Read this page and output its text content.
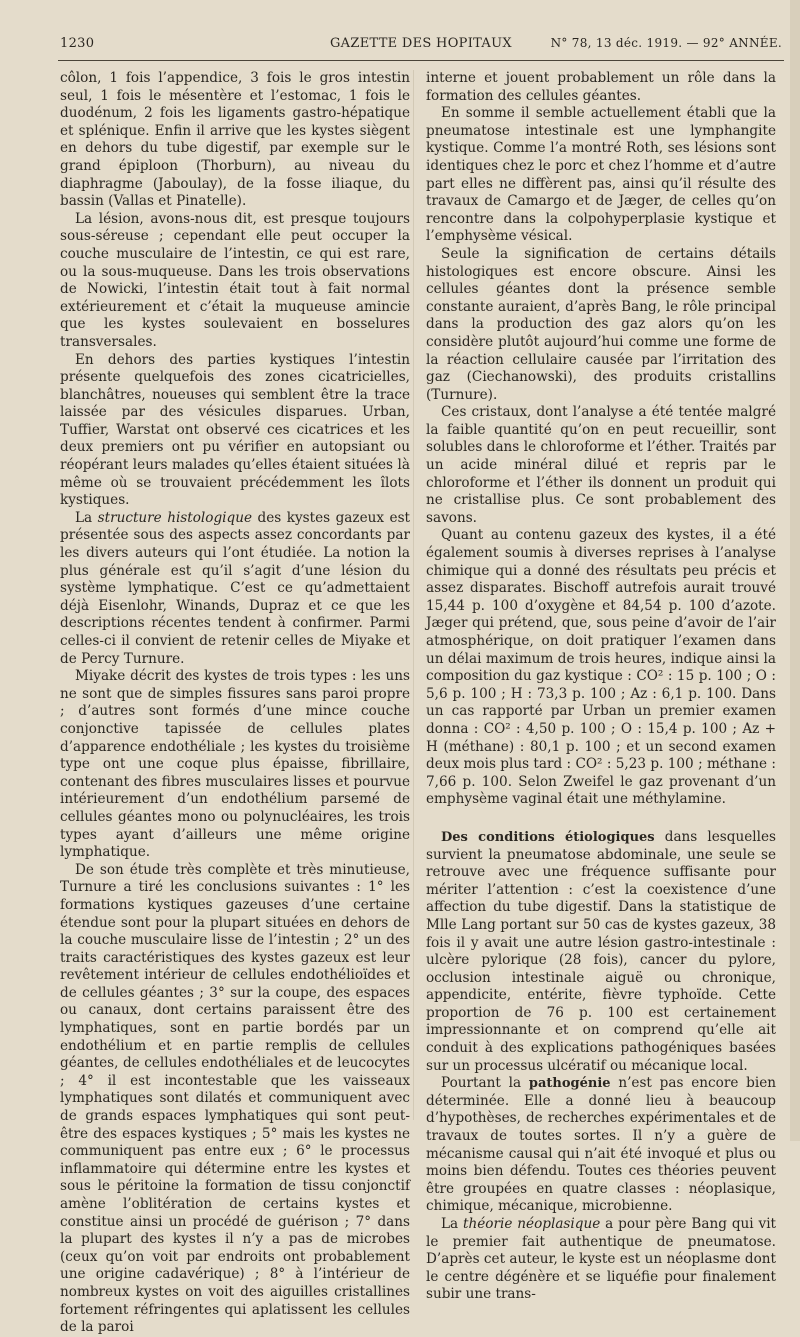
1230	GAZETTE DES HOPITAUX	N° 78, 13 déc. 1919. — 92° ANNÉE.

côlon, 1 fois l’appendice, 3 fois le gros intestin seul, 1 fois le mésentère et l’estomac, 1 fois le duodénum, 2 fois les ligaments gastro-hépatique et splénique. Enfin il arrive que les kystes siègent en dehors du tube digestif, par exemple sur le grand épiploon (Thorburn), au niveau du diaphragme (Jaboulay), de la fosse iliaque, du bassin (Vallas et Pinatelle).

La lésion, avons-nous dit, est presque toujours sous-séreuse ; cependant elle peut occuper la couche musculaire de l’intestin, ce qui est rare, ou la sous-muqueuse. Dans les trois observations de Nowicki, l’intestin était tout à fait normal extérieurement et c’était la muqueuse amincie que les kystes soulevaient en bosselures transversales.

En dehors des parties kystiques l’intestin présente quelquefois des zones cicatricielles, blanchâtres, noueuses qui semblent être la trace laissée par des vésicules disparues. Urban, Tuffier, Warstat ont observé ces cicatrices et les deux premiers ont pu vérifier en autopsiant ou réopérant leurs malades qu’elles étaient situées là même où se trouvaient précédemment les îlots kystiques.

La structure histologique des kystes gazeux est présentée sous des aspects assez concordants par les divers auteurs qui l’ont étudiée. La notion la plus générale est qu’il s’agit d’une lésion du système lymphatique. C’est ce qu’admettaient déjà Eisenlohr, Winands, Dupraz et ce que les descriptions récentes tendent à confirmer. Parmi celles-ci il convient de retenir celles de Miyake et de Percy Turnure.

Miyake décrit des kystes de trois types : les uns ne sont que de simples fissures sans paroi propre ; d’autres sont formés d’une mince couche conjonctive tapissée de cellules plates d’apparence endothéliale ; les kystes du troisième type ont une coque plus épaisse, fibrillaire, contenant des fibres musculaires lisses et pourvue intérieurement d’un endothélium parsemé de cellules géantes mono ou polynucléaires, les trois types ayant d’ailleurs une même origine lymphatique.

De son étude très complète et très minutieuse, Turnure a tiré les conclusions suivantes : 1° les formations kystiques gazeuses d’une certaine étendue sont pour la plupart situées en dehors de la couche musculaire lisse de l’intestin ; 2° un des traits caractéristiques des kystes gazeux est leur revêtement intérieur de cellules endothélioïdes et de cellules géantes ; 3° sur la coupe, des espaces ou canaux, dont certains paraissent être des lymphatiques, sont en partie bordés par un endothélium et en partie remplis de cellules géantes, de cellules endothéliales et de leucocytes ; 4° il est incontestable que les vaisseaux lymphatiques sont dilatés et communiquent avec de grands espaces lymphatiques qui sont peut-être des espaces kystiques ; 5° mais les kystes ne communiquent pas entre eux ; 6° le processus inflammatoire qui détermine entre les kystes et sous le péritoine la formation de tissu conjonctif amène l’oblitération de certains kystes et constitue ainsi un procédé de guérison ; 7° dans la plupart des kystes il n’y a pas de microbes (ceux qu’on voit par endroits ont probablement une origine cadavérique) ; 8° à l’intérieur de nombreux kystes on voit des aiguilles cristallines fortement réfringentes qui aplatissent les cellules de la paroi

interne et jouent probablement un rôle dans la formation des cellules géantes.

En somme il semble actuellement établi que la pneumatose intestinale est une lymphangite kystique. Comme l’a montré Roth, ses lésions sont identiques chez le porc et chez l’homme et d’autre part elles ne diffèrent pas, ainsi qu’il résulte des travaux de Camargo et de Jæger, de celles qu’on rencontre dans la colpohyperplasie kystique et l’emphysème vésical.

Seule la signification de certains détails histologiques est encore obscure. Ainsi les cellules géantes dont la présence semble constante auraient, d’après Bang, le rôle principal dans la production des gaz alors qu’on les considère plutôt aujourd’hui comme une forme de la réaction cellulaire causée par l’irritation des gaz (Ciechanowski), des produits cristallins (Turnure).

Ces cristaux, dont l’analyse a été tentée malgré la faible quantité qu’on en peut recueillir, sont solubles dans le chloroforme et l’éther. Traités par un acide minéral dilué et repris par le chloroforme et l’éther ils donnent un produit qui ne cristallise plus. Ce sont probablement des savons.

Quant au contenu gazeux des kystes, il a été également soumis à diverses reprises à l’analyse chimique qui a donné des résultats peu précis et assez disparates. Bischoff autrefois aurait trouvé 15,44 p. 100 d’oxygène et 84,54 p. 100 d’azote. Jæger qui prétend, que, sous peine d’avoir de l’air atmosphérique, on doit pratiquer l’examen dans un délai maximum de trois heures, indique ainsi la composition du gaz kystique : CO² : 15 p. 100 ; O : 5,6 p. 100 ; H : 73,3 p. 100 ; Az : 6,1 p. 100. Dans un cas rapporté par Urban un premier examen donna : CO² : 4,50 p. 100 ; O : 15,4 p. 100 ; Az + H (méthane) : 80,1 p. 100 ; et un second examen deux mois plus tard : CO² : 5,23 p. 100 ; méthane : 7,66 p. 100. Selon Zweifel le gaz provenant d’un emphysème vaginal était une méthylamine.

Des conditions étiologiques dans lesquelles survient la pneumatose abdominale, une seule se retrouve avec une fréquence suffisante pour mériter l’attention : c’est la coexistence d’une affection du tube digestif. Dans la statistique de Mlle Lang portant sur 50 cas de kystes gazeux, 38 fois il y avait une autre lésion gastro-intestinale : ulcère pylorique (28 fois), cancer du pylore, occlusion intestinale aiguë ou chronique, appendicite, entérite, fièvre typhoïde. Cette proportion de 76 p. 100 est certainement impressionnante et on comprend qu’elle ait conduit à des explications pathogéniques basées sur un processus ulcératif ou mécanique local.

Pourtant la pathogénie n’est pas encore bien déterminée. Elle a donné lieu à beaucoup d’hypothèses, de recherches expérimentales et de travaux de toutes sortes. Il n’y a guère de mécanisme causal qui n’ait été invoqué et plus ou moins bien défendu. Toutes ces théories peuvent être groupées en quatre classes : néoplasique, chimique, mécanique, microbienne.

La théorie néoplasique a pour père Bang qui vit le premier fait authentique de pneumatose. D’après cet auteur, le kyste est un néoplasme dont le centre dégénère et se liquéfie pour finalement subir une trans-
